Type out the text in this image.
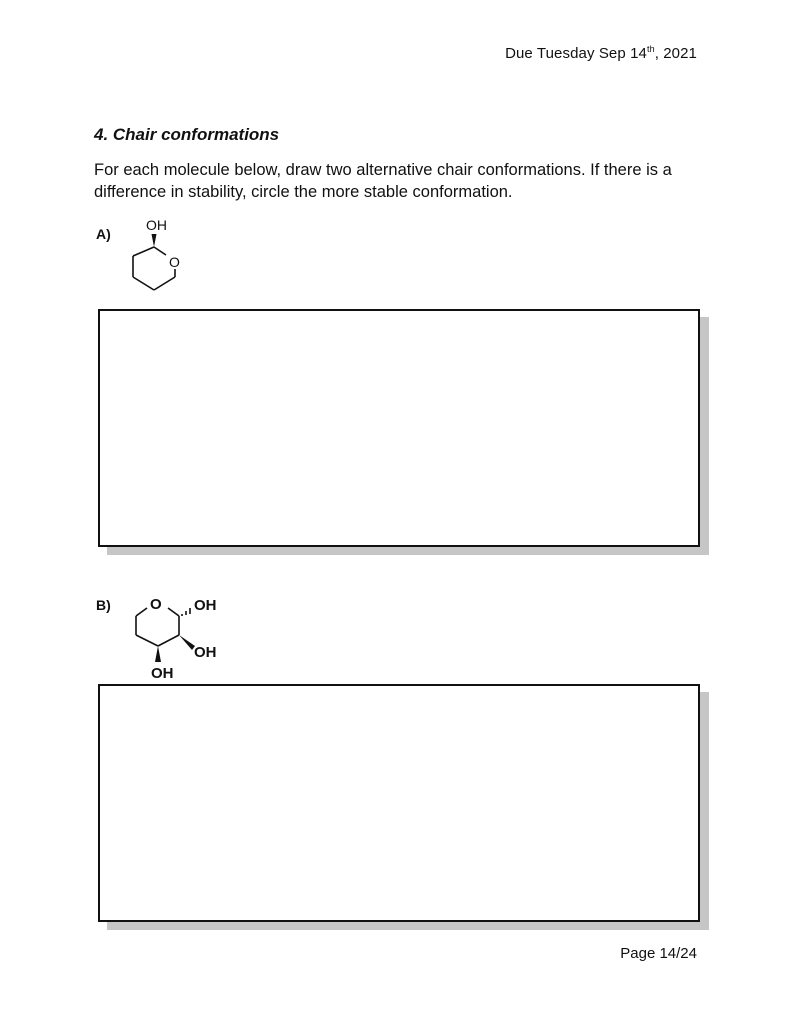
Due Tuesday Sep 14th, 2021
4. Chair conformations

For each molecule below, draw two alternative chair conformations. If there is a difference in stability, circle the more stable conformation.

A)
OH
O
B)	O OH
OH
OH
Page 14/24
